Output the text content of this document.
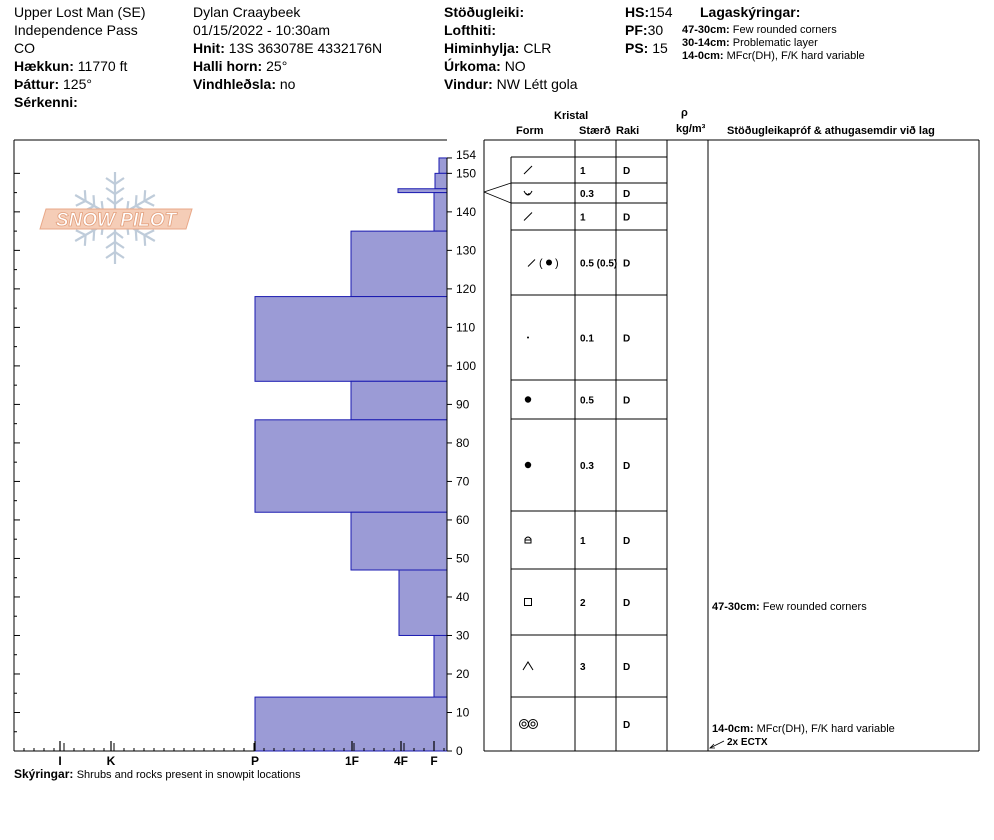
Upper Lost Man (SE)
Independence Pass
CO
Hækkun: 11770 ft
Þáttur: 125°
Sérkenni:
Dylan Craaybeek
01/15/2022 - 10:30am
Hnit: 13S 363078E 4332176N
Halli horn: 25°
Vindhleðsla: no
Stöðugleiki:
Lofthiti:
Himinhylja: CLR
Úrkoma: NO
Vindur: NW Létt gola
HS:154
PF:30
PS: 15
Lagaskýringar:
47-30cm: Few rounded corners
30-14cm: Problematic layer
14-0cm: MFcr(DH), F/K hard variable
Kristal
Form	Stærð Raki
ρ
kg/m³ Stöðugleikapróf & athugasemdir við lag
SNOW PILOT
0
10
20
30
40
50
60
70
80
90
100
110
120
130
140
150
154
I	K	P	1F	4F F
1	D
0.3	D
1	D
( ) 0.5 (0.5) D
0.1	D
0.5	D
0.3	D
1	D
2	D
3	D
D
47-30cm: Few rounded corners
14-0cm: MFcr(DH), F/K hard variable
2x ECTX
Skýringar: Shrubs and rocks present in snowpit locations
